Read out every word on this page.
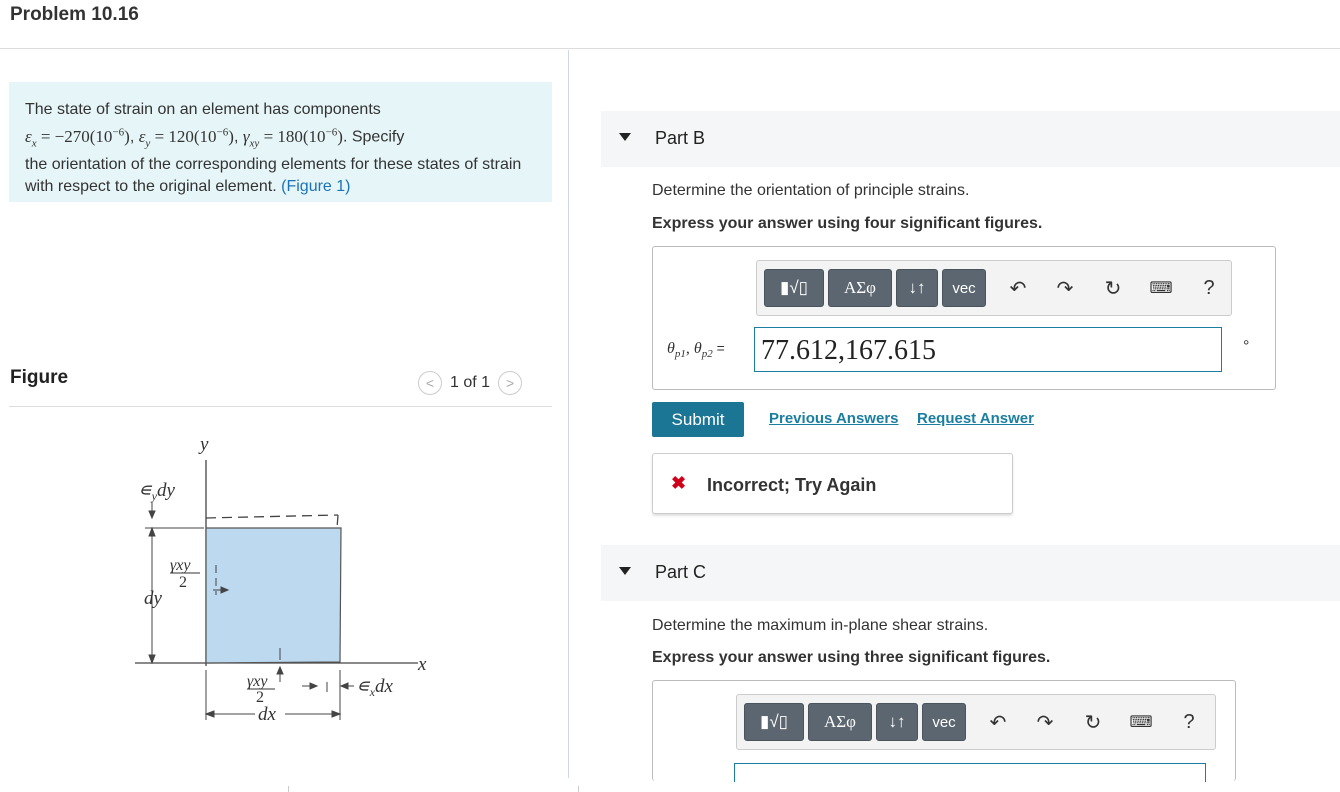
Problem 10.16

The state of strain on an element has components
$\varepsilon_x = -270(10^{-6})$, $\varepsilon_y = 120(10^{-6})$, $\gamma_{xy} = 180(10^{-6})$. Specify
the orientation of the corresponding elements for these states of strain with respect to the original element. (Figure 1)

Figure	< 1 of 1	>
y
x
$∊_ydy$
γxy
2
dy
γxy
2
$∊_xdx$
dx
Part B
Determine the orientation of principle strains.
Express your answer using four significant figures.
▮√▯	ΑΣφ	↓↑	vec	↶ ↷ ↻ ⌨	?
$\theta_{p1}$, $\theta_{p2} = 77.612,167.615$	°
Submit	Previous Answers Request Answer
✖ Incorrect; Try Again
Part C
Determine the maximum in-plane shear strains.
Express your answer using three significant figures.
▮√▯	ΑΣφ	↓↑	vec	↶ ↷ ↻ ⌨	?
